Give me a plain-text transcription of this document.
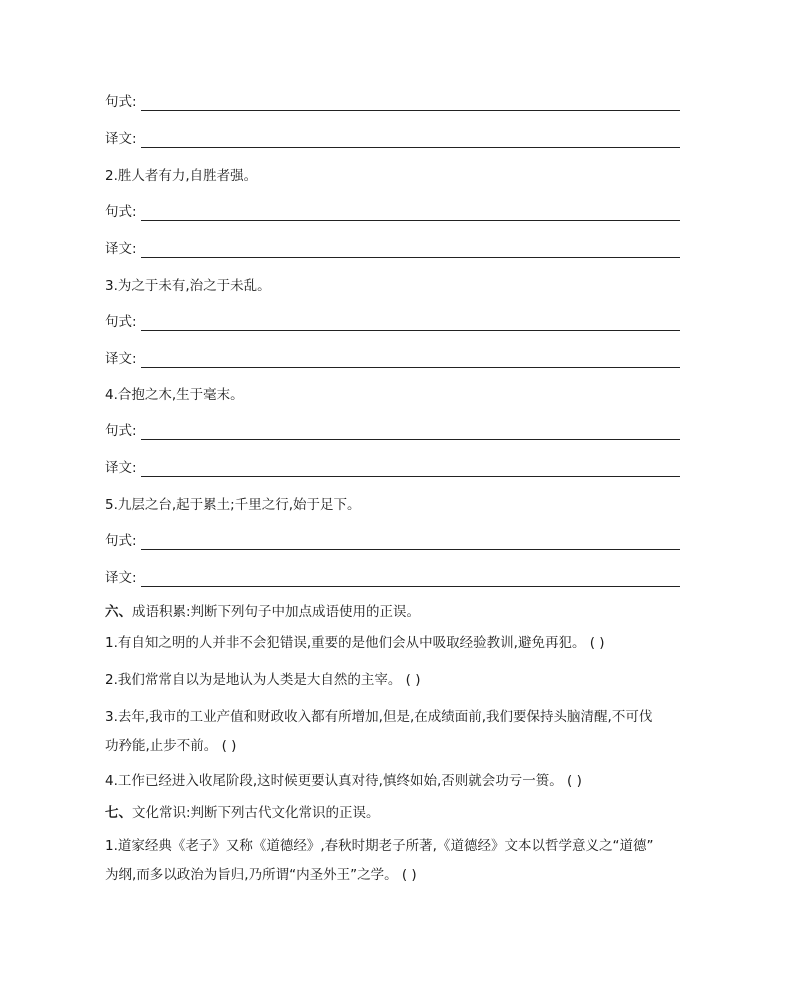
句式:
译文:
2.胜人者有力,自胜者强。
句式:
译文:
3.为之于未有,治之于未乱。
句式:
译文:
4.合抱之木,生于毫末。
句式:
译文:
5.九层之台,起于累土;千里之行,始于足下。
句式:
译文:
六、成语积累:判断下列句子中加点成语使用的正误。
1.有自知之明的人并非不会犯错误,重要的是他们会从中吸取经验教训,避免再犯。 ( )
2.我们常常自以为是地认为人类是大自然的主宰。 ( )
3.去年,我市的工业产值和财政收入都有所增加,但是,在成绩面前,我们要保持头脑清醒,不可伐
功矜能,止步不前。 ( )
4.工作已经进入收尾阶段,这时候更要认真对待,慎终如始,否则就会功亏一篑。 ( )
七、文化常识:判断下列古代文化常识的正误。
1.道家经典《老子》又称《道德经》,春秋时期老子所著,《道德经》文本以哲学意义之“道德”
为纲,而多以政治为旨归,乃所谓“内圣外王”之学。 ( )
